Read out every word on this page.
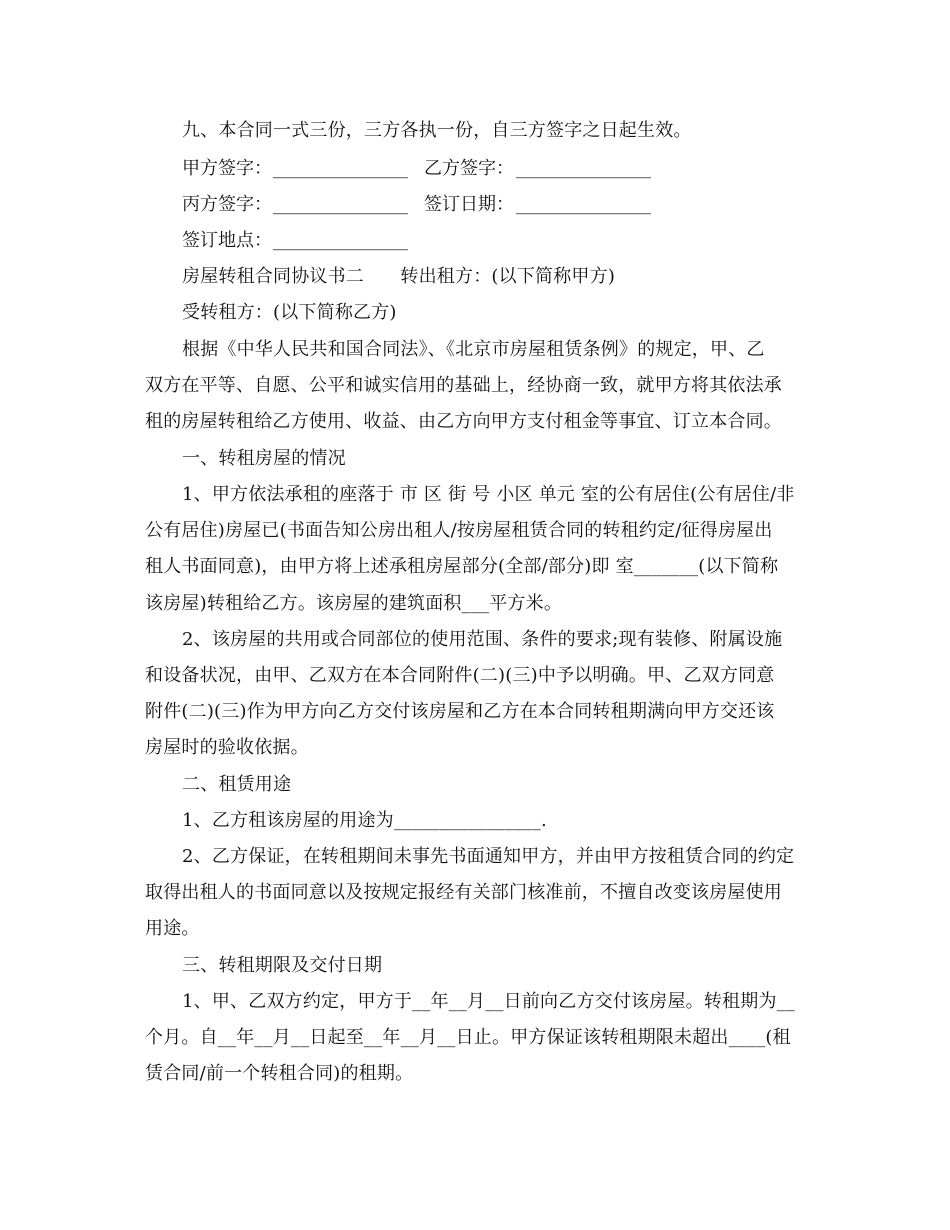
九、本合同一式三份，三方各执一份，自三方签字之日起生效。
甲方签字： _______________ 乙方签字： _______________
丙方签字： _______________ 签订日期： _______________
签订地点： _______________
房屋转租合同协议书二　　转出租方：(以下简称甲方)
受转租方：(以下简称乙方)
根据《中华人民共和国合同法》、《北京市房屋租赁条例》的规定，甲、乙
双方在平等、自愿、公平和诚实信用的基础上，经协商一致，就甲方将其依法承
租的房屋转租给乙方使用、收益、由乙方向甲方支付租金等事宜、订立本合同。
一、转租房屋的情况
1、甲方依法承租的座落于 市 区 街 号 小区 单元 室的公有居住(公有居住/非
公有居住)房屋已(书面告知公房出租人/按房屋租赁合同的转租约定/征得房屋出
租人书面同意)，由甲方将上述承租房屋部分(全部/部分)即 室_______(以下简称
该房屋)转租给乙方。该房屋的建筑面积___平方米。
2、该房屋的共用或合同部位的使用范围、条件的要求;现有装修、附属设施
和设备状况，由甲、乙双方在本合同附件(二)(三)中予以明确。甲、乙双方同意
附件(二)(三)作为甲方向乙方交付该房屋和乙方在本合同转租期满向甲方交还该
房屋时的验收依据。
二、租赁用途
1、乙方租该房屋的用途为________________.
2、乙方保证，在转租期间未事先书面通知甲方，并由甲方按租赁合同的约定
取得出租人的书面同意以及按规定报经有关部门核准前，不擅自改变该房屋使用
用途。
三、转租期限及交付日期
1、甲、乙双方约定，甲方于__年__月__日前向乙方交付该房屋。转租期为__
个月。自__年__月__日起至__年__月__日止。甲方保证该转租期限未超出____(租
赁合同/前一个转租合同)的租期。
